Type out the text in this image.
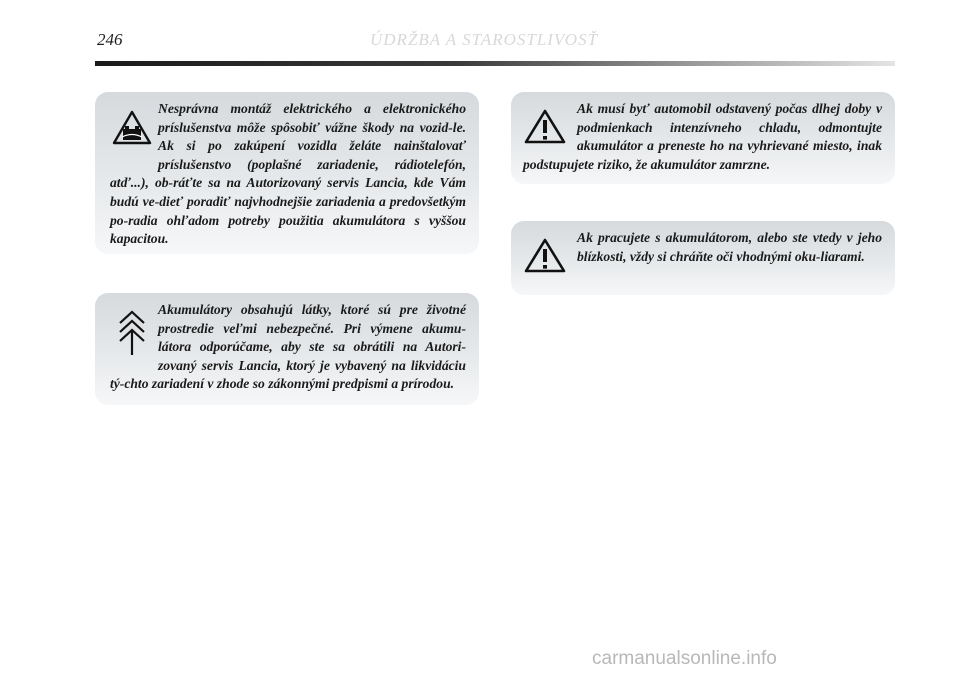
246	ÚDRŽBA A STAROSTLIVOSŤ

Nesprávna montáž elektrického a elektronického príslušenstva môže spôsobiť vážne škody na vozid-le. Ak si po zakúpení vozidla želáte nainštalovať príslušenstvo (poplašné zariadenie, rádiotelefón, atď...), ob-ráťte sa na Autorizovaný servis Lancia, kde Vám budú ve-dieť poradiť najvhodnejšie zariadenia a predovšetkým po-radia ohľadom potreby použitia akumulátora s vyššou kapacitou.

Akumulátory obsahujú látky, ktoré sú pre životné prostredie veľmi nebezpečné. Pri výmene akumu-látora odporúčame, aby ste sa obrátili na Autori-zovaný servis Lancia, ktorý je vybavený na likvidáciu tý-chto zariadení v zhode so zákonnými predpismi a prírodou.

Ak musí byť automobil odstavený počas dlhej doby v podmienkach intenzívneho chladu, odmontujte akumulátor a preneste ho na vyhrievané miesto, inak podstupujete riziko, že akumulátor zamrzne.

Ak pracujete s akumulátorom, alebo ste vtedy v jeho blízkosti, vždy si chráňte oči vhodnými oku-liarami.

carmanualsonline.info
